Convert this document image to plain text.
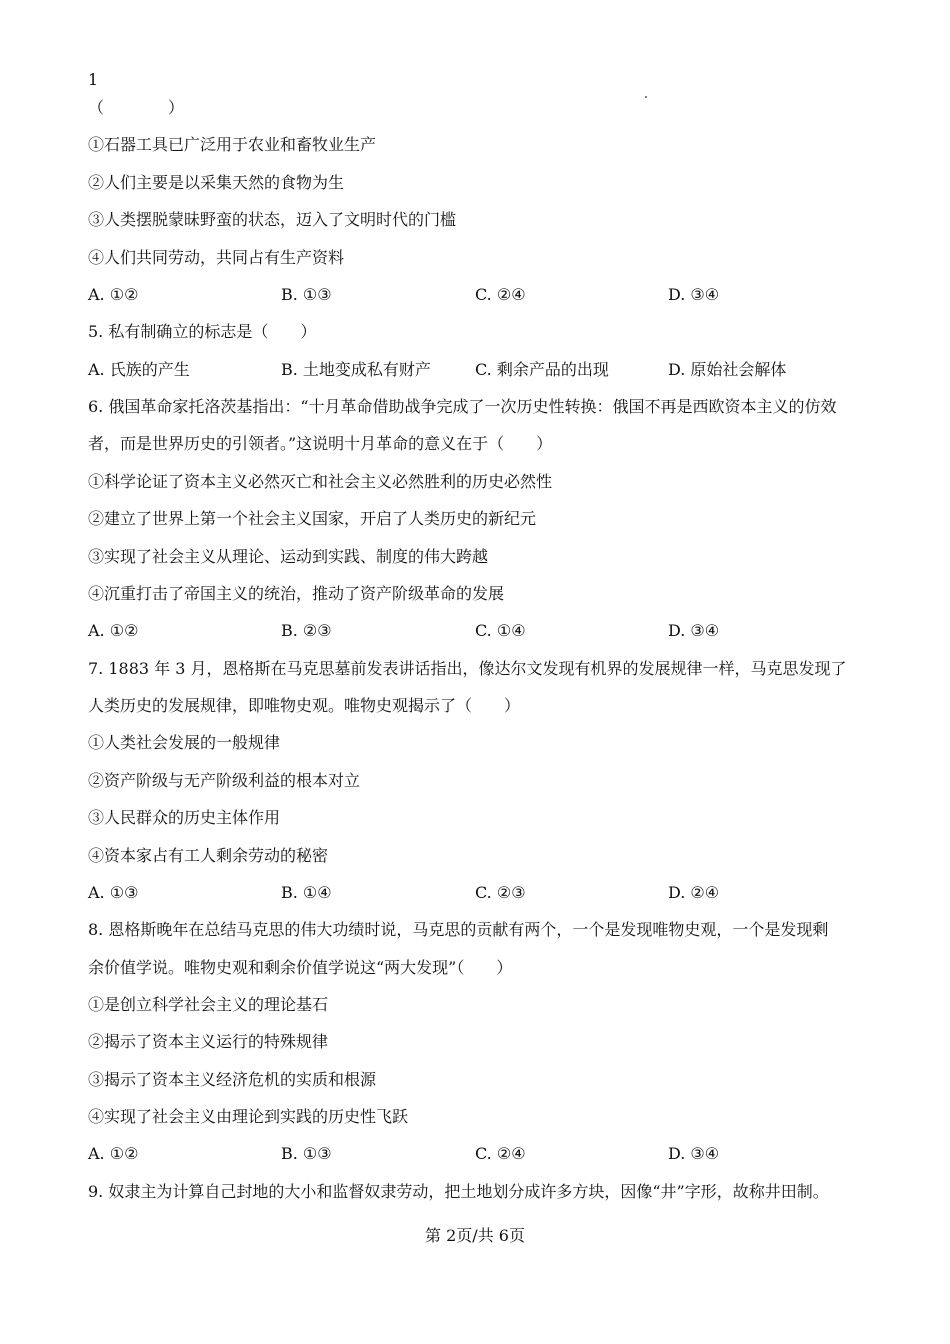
1
（　　　　）
①石器工具已广泛用于农业和畜牧业生产
②人们主要是以采集天然的食物为生
③人类摆脱蒙昧野蛮的状态，迈入了文明时代的门槛
④人们共同劳动，共同占有生产资料
A. ①②	B. ①③	C. ②④	D. ③④
5. 私有制确立的标志是（　　）
A. 氏族的产生	B. 土地变成私有财产	C. 剩余产品的出现	D. 原始社会解体
6. 俄国革命家托洛茨基指出：“十月革命借助战争完成了一次历史性转换：俄国不再是西欧资本主义的仿效
者，而是世界历史的引领者。”这说明十月革命的意义在于（　　）
①科学论证了资本主义必然灭亡和社会主义必然胜利的历史必然性
②建立了世界上第一个社会主义国家，开启了人类历史的新纪元
③实现了社会主义从理论、运动到实践、制度的伟大跨越
④沉重打击了帝国主义的统治，推动了资产阶级革命的发展
A. ①②	B. ②③	C. ①④	D. ③④
7. 1883 年 3 月，恩格斯在马克思墓前发表讲话指出，像达尔文发现有机界的发展规律一样，马克思发现了
人类历史的发展规律，即唯物史观。唯物史观揭示了（　　）
①人类社会发展的一般规律
②资产阶级与无产阶级利益的根本对立
③人民群众的历史主体作用
④资本家占有工人剩余劳动的秘密
A. ①③	B. ①④	C. ②③	D. ②④
8. 恩格斯晚年在总结马克思的伟大功绩时说，马克思的贡献有两个，一个是发现唯物史观，一个是发现剩
余价值学说。唯物史观和剩余价值学说这“两大发现”（　　）
①是创立科学社会主义的理论基石
②揭示了资本主义运行的特殊规律
③揭示了资本主义经济危机的实质和根源
④实现了社会主义由理论到实践的历史性飞跃
A. ①②	B. ①③	C. ②④	D. ③④
9. 奴隶主为计算自己封地的大小和监督奴隶劳动，把土地划分成许多方块，因像“井”字形，故称井田制。
第 2页/共 6页
